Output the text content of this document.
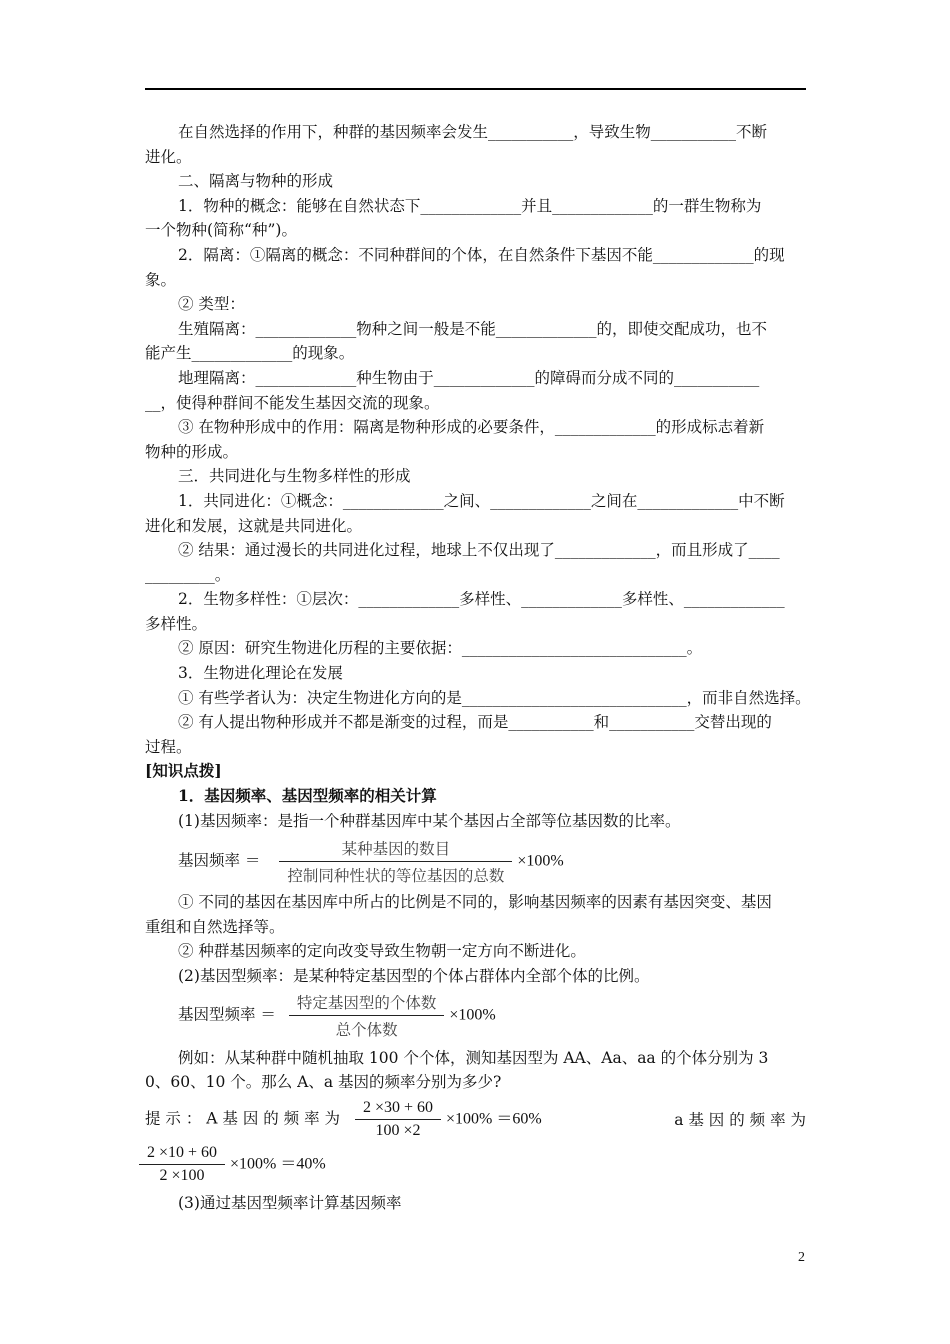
在自然选择的作用下，种群的基因频率会发生___________，导致生物___________不断

进化。

二、隔离与物种的形成

1．物种的概念：能够在自然状态下_____________并且_____________的一群生物称为

一个物种(简称“种”)。

2．隔离：①隔离的概念：不同种群间的个体，在自然条件下基因不能_____________的现

象。

② 类型：

生殖隔离：_____________物种之间一般是不能_____________的，即使交配成功，也不

能产生_____________的现象。

地理隔离：_____________种生物由于_____________的障碍而分成不同的___________

__，使得种群间不能发生基因交流的现象。

③ 在物种形成中的作用：隔离是物种形成的必要条件，_____________的形成标志着新

物种的形成。

三．共同进化与生物多样性的形成

1．共同进化：①概念：_____________之间、_____________之间在_____________中不断

进化和发展，这就是共同进化。

② 结果：通过漫长的共同进化过程，地球上不仅出现了_____________，而且形成了____

_________。

2．生物多样性：①层次：_____________多样性、_____________多样性、_____________

多样性。

② 原因：研究生物进化历程的主要依据：_____________________________。

3．生物进化理论在发展

① 有些学者认为：决定生物进化方向的是_____________________________，而非自然选择。

② 有人提出物种形成并不都是渐变的过程，而是___________和___________交替出现的

过程。

[知识点拨]

1．基因频率、基因型频率的相关计算

(1)基因频率：是指一个种群基因库中某个基因占全部等位基因数的比率。

基因频率 ＝ $\frac{\text{某种基因的数目}}{\text{控制同种性状的等位基因的总数}} \times 100\%$

① 不同的基因在基因库中所占的比例是不同的，影响基因频率的因素有基因突变、基因

重组和自然选择等。

② 种群基因频率的定向改变导致生物朝一定方向不断进化。

(2)基因型频率：是某种特定基因型的个体占群体内全部个体的比例。

基因型频率 ＝ $\frac{\text{特定基因型的个体数}}{\text{总个体数}} \times 100\%$

例如：从某种群中随机抽取 100 个个体，测知基因型为 AA、Aa、aa 的个体分别为 3

0、60、10 个。那么 A、a 基因的频率分别为多少?

提 示 ： A 基 因 的 频 率 为 $\frac{2 \times 30 + 60}{100 \times 2} \times 100\% =60\%$	a 基 因 的 频 率 为
$\frac{2 \times 10 + 60}{2 \times 100} \times 100\% =40\%$

(3)通过基因型频率计算基因频率

2
